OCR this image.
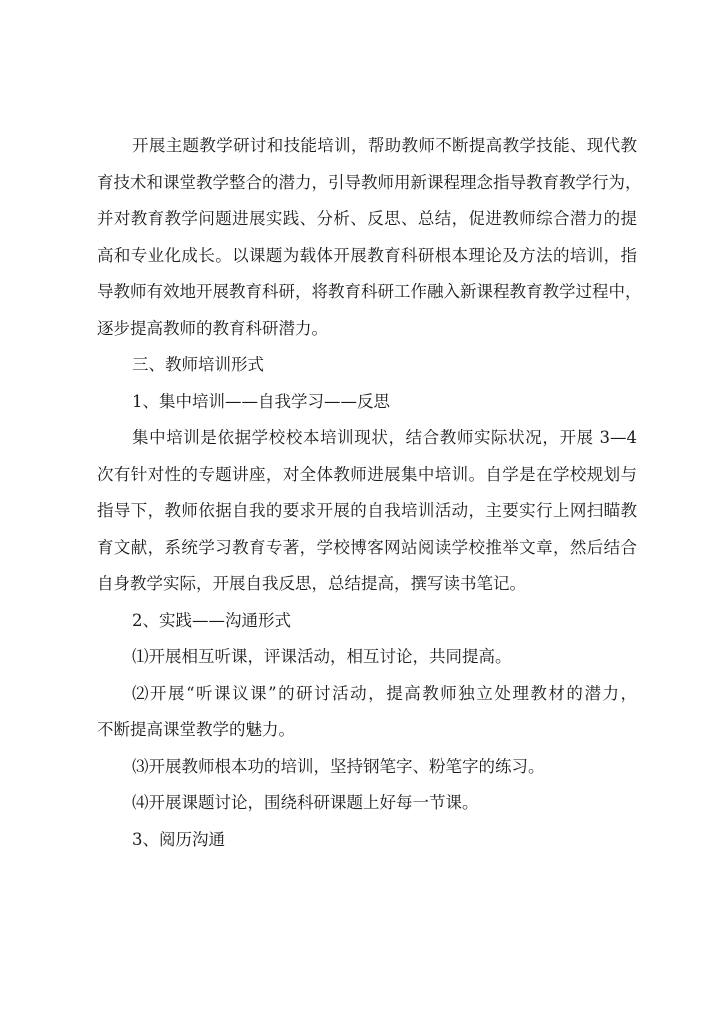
开展主题教学研讨和技能培训，帮助教师不断提高教学技能、现代教
育技术和课堂教学整合的潜力，引导教师用新课程理念指导教育教学行为，
并对教育教学问题进展实践、分析、反思、总结，促进教师综合潜力的提
高和专业化成长。以课题为载体开展教育科研根本理论及方法的培训，指
导教师有效地开展教育科研，将教育科研工作融入新课程教育教学过程中，
逐步提高教师的教育科研潜力。
三、教师培训形式
1、集中培训——自我学习——反思
集中培训是依据学校校本培训现状，结合教师实际状况，开展 3—4
次有针对性的专题讲座，对全体教师进展集中培训。自学是在学校规划与
指导下，教师依据自我的要求开展的自我培训活动，主要实行上网扫瞄教
育文献，系统学习教育专著，学校博客网站阅读学校推举文章，然后结合
自身教学实际，开展自我反思，总结提高，撰写读书笔记。
2、实践——沟通形式
⑴开展相互听课，评课活动，相互讨论，共同提高。
⑵开展“听课议课”的研讨活动，提高教师独立处理教材的潜力，
不断提高课堂教学的魅力。
⑶开展教师根本功的培训，坚持钢笔字、粉笔字的练习。
⑷开展课题讨论，围绕科研课题上好每一节课。
3、阅历沟通
